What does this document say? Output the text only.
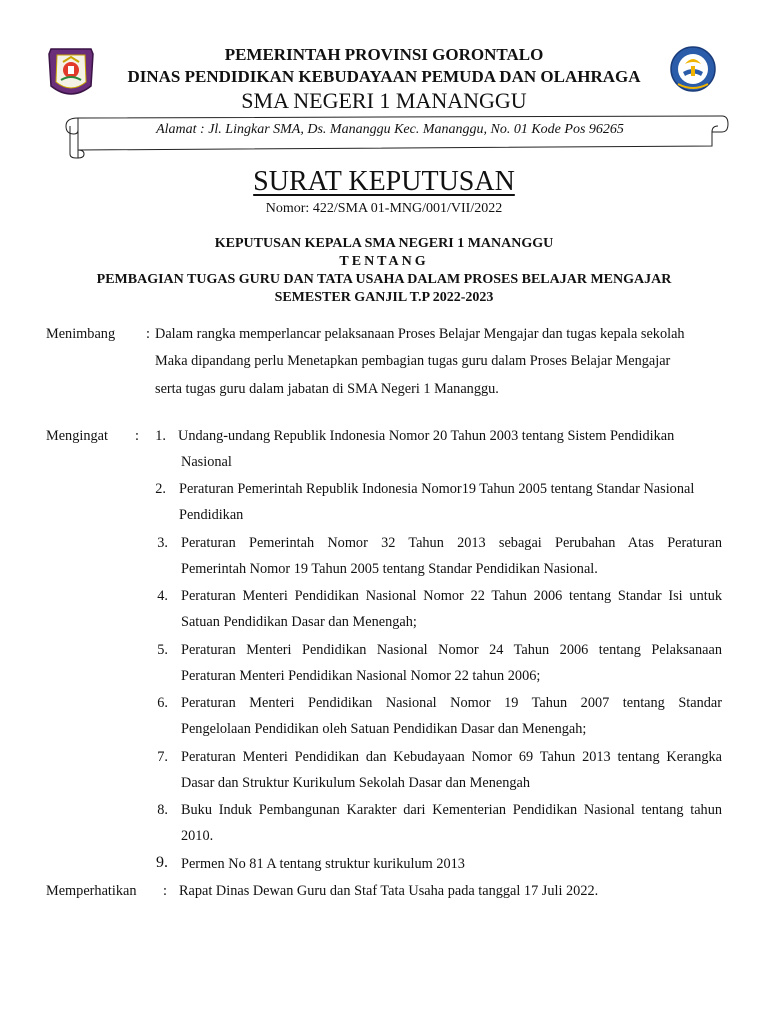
PEMERINTAH PROVINSI GORONTALO
DINAS PENDIDIKAN KEBUDAYAAN PEMUDA DAN OLAHRAGA
SMA NEGERI 1 MANANGGU
Alamat : Jl. Lingkar SMA, Ds. Mananggu Kec. Mananggu, No. 01 Kode Pos 96265
SURAT KEPUTUSAN
Nomor: 422/SMA 01-MNG/001/VII/2022
KEPUTUSAN KEPALA SMA NEGERI 1 MANANGGU
TENTANG
PEMBAGIAN TUGAS GURU DAN TATA USAHA DALAM PROSES BELAJAR MENGAJAR
SEMESTER GANJIL T.P 2022-2023
Menimbang : Dalam rangka memperlancar pelaksanaan Proses Belajar Mengajar dan tugas kepala sekolah
Maka dipandang perlu Menetapkan pembagian tugas guru dalam Proses Belajar Mengajar
serta tugas guru dalam jabatan di SMA Negeri 1 Mananggu.
Mengingat :	1. Undang-undang Republik Indonesia Nomor 20 Tahun 2003 tentang Sistem Pendidikan
Nasional
2. Peraturan Pemerintah Republik Indonesia Nomor19 Tahun 2005 tentang Standar Nasional
Pendidikan
3. Peraturan Pemerintah Nomor 32 Tahun 2013 sebagai Perubahan Atas Peraturan
Pemerintah Nomor 19 Tahun 2005 tentang Standar Pendidikan Nasional.
4. Peraturan Menteri Pendidikan Nasional Nomor 22 Tahun 2006 tentang Standar Isi untuk
Satuan Pendidikan Dasar dan Menengah;
5. Peraturan Menteri Pendidikan Nasional Nomor 24 Tahun 2006 tentang Pelaksanaan
Peraturan Menteri Pendidikan Nasional Nomor 22 tahun 2006;
6. Peraturan Menteri Pendidikan Nasional Nomor 19 Tahun 2007 tentang Standar
Pengelolaan Pendidikan oleh Satuan Pendidikan Dasar dan Menengah;
7. Peraturan Menteri Pendidikan dan Kebudayaan Nomor 69 Tahun 2013 tentang Kerangka
Dasar dan Struktur Kurikulum Sekolah Dasar dan Menengah
8. Buku Induk Pembangunan Karakter dari Kementerian Pendidikan Nasional tentang tahun
2010.
9. Permen No 81 A tentang struktur kurikulum 2013
Memperhatikan : Rapat Dinas Dewan Guru dan Staf Tata Usaha pada tanggal 17 Juli 2022.
